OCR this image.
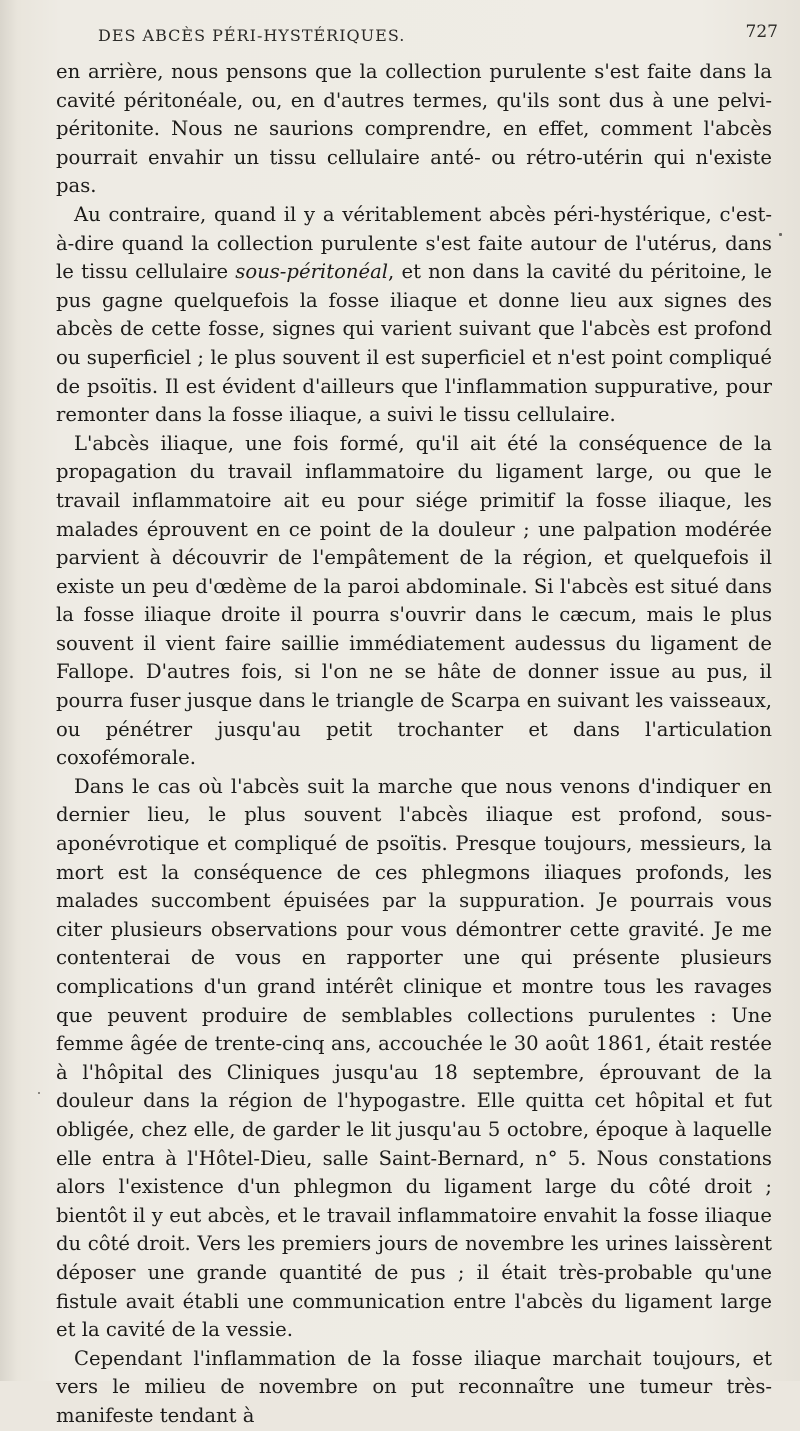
DES ABCÈS PÉRI-HYSTÉRIQUES.	727

en arrière, nous pensons que la collection purulente s'est faite dans la cavité péritonéale, ou, en d'autres termes, qu'ils sont dus à une pelvi-péritonite. Nous ne saurions comprendre, en effet, comment l'abcès pourrait envahir un tissu cellulaire anté- ou rétro-utérin qui n'existe pas.

Au contraire, quand il y a véritablement abcès péri-hystérique, c'est-à-dire quand la collection purulente s'est faite autour de l'utérus, dans le tissu cellulaire sous-péritonéal, et non dans la cavité du péritoine, le pus gagne quelquefois la fosse iliaque et donne lieu aux signes des abcès de cette fosse, signes qui varient suivant que l'abcès est profond ou superficiel ; le plus souvent il est superficiel et n'est point compliqué de psoïtis. Il est évident d'ailleurs que l'inflammation suppurative, pour remonter dans la fosse iliaque, a suivi le tissu cellulaire.

L'abcès iliaque, une fois formé, qu'il ait été la conséquence de la propagation du travail inflammatoire du ligament large, ou que le travail inflammatoire ait eu pour siége primitif la fosse iliaque, les malades éprouvent en ce point de la douleur ; une palpation modérée parvient à découvrir de l'empâtement de la région, et quelquefois il existe un peu d'œdème de la paroi abdominale. Si l'abcès est situé dans la fosse iliaque droite il pourra s'ouvrir dans le cæcum, mais le plus souvent il vient faire saillie immédiatement audessus du ligament de Fallope. D'autres fois, si l'on ne se hâte de donner issue au pus, il pourra fuser jusque dans le triangle de Scarpa en suivant les vaisseaux, ou pénétrer jusqu'au petit trochanter et dans l'articulation coxofémorale.

Dans le cas où l'abcès suit la marche que nous venons d'indiquer en dernier lieu, le plus souvent l'abcès iliaque est profond, sous-aponévrotique et compliqué de psoïtis. Presque toujours, messieurs, la mort est la conséquence de ces phlegmons iliaques profonds, les malades succombent épuisées par la suppuration. Je pourrais vous citer plusieurs observations pour vous démontrer cette gravité. Je me contenterai de vous en rapporter une qui présente plusieurs complications d'un grand intérêt clinique et montre tous les ravages que peuvent produire de semblables collections purulentes : Une femme âgée de trente-cinq ans, accouchée le 30 août 1861, était restée à l'hôpital des Cliniques jusqu'au 18 septembre, éprouvant de la douleur dans la région de l'hypogastre. Elle quitta cet hôpital et fut obligée, chez elle, de garder le lit jusqu'au 5 octobre, époque à laquelle elle entra à l'Hôtel-Dieu, salle Saint-Bernard, n° 5. Nous constations alors l'existence d'un phlegmon du ligament large du côté droit ; bientôt il y eut abcès, et le travail inflammatoire envahit la fosse iliaque du côté droit. Vers les premiers jours de novembre les urines laissèrent déposer une grande quantité de pus ; il était très-probable qu'une fistule avait établi une communication entre l'abcès du ligament large et la cavité de la vessie.

Cependant l'inflammation de la fosse iliaque marchait toujours, et vers le milieu de novembre on put reconnaître une tumeur très-manifeste tendant à
